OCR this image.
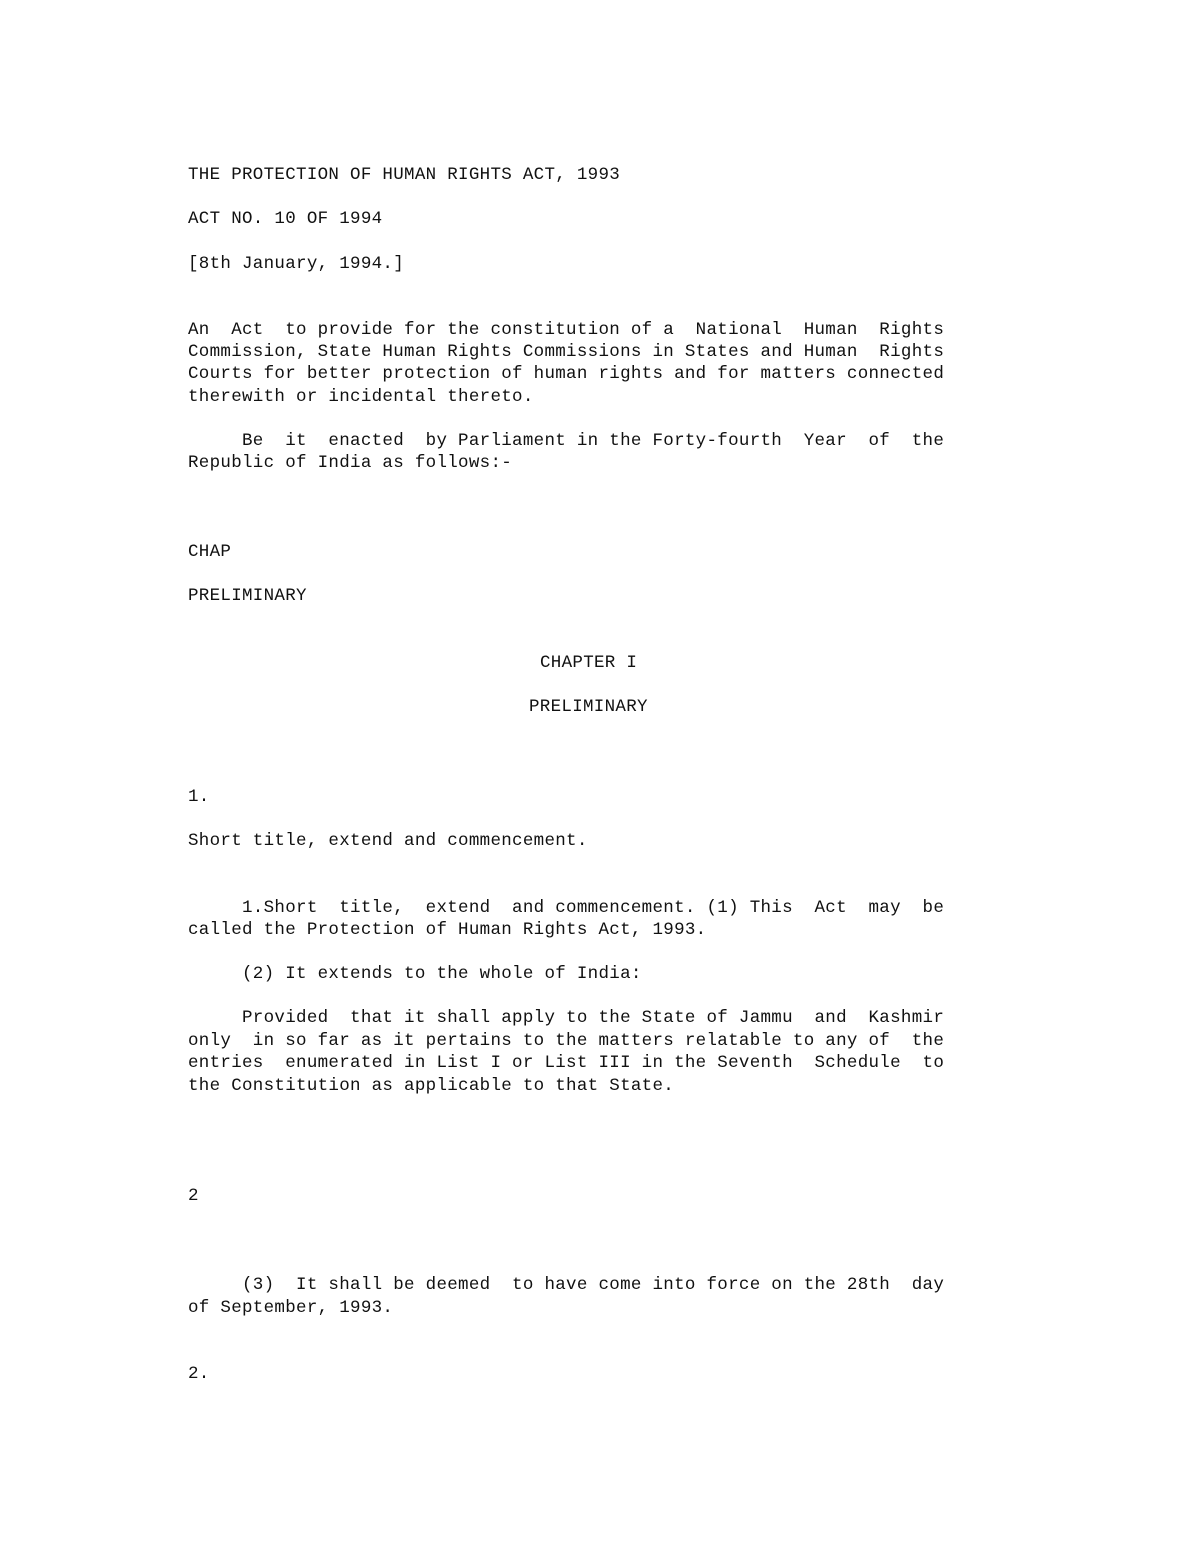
THE PROTECTION OF HUMAN RIGHTS ACT, 1993
ACT NO. 10 OF 1994
[8th January, 1994.]
An  Act  to provide for the constitution of a  National  Human  Rights
Commission, State Human Rights Commissions in States and Human  Rights
Courts for better protection of human rights and for matters connected
therewith or incidental thereto.
Be  it  enacted  by Parliament in the Forty-fourth  Year  of  the
Republic of India as follows:-
CHAP
PRELIMINARY
CHAPTER I
PRELIMINARY
1.
Short title, extend and commencement.
1.Short  title,  extend  and commencement. (1) This  Act  may  be
called the Protection of Human Rights Act, 1993.
(2) It extends to the whole of India:
Provided  that it shall apply to the State of Jammu  and  Kashmir
only  in so far as it pertains to the matters relatable to any of  the
entries  enumerated in List I or List III in the Seventh  Schedule  to
the Constitution as applicable to that State.
2
(3)  It shall be deemed  to have come into force on the 28th  day
of September, 1993.
2.
